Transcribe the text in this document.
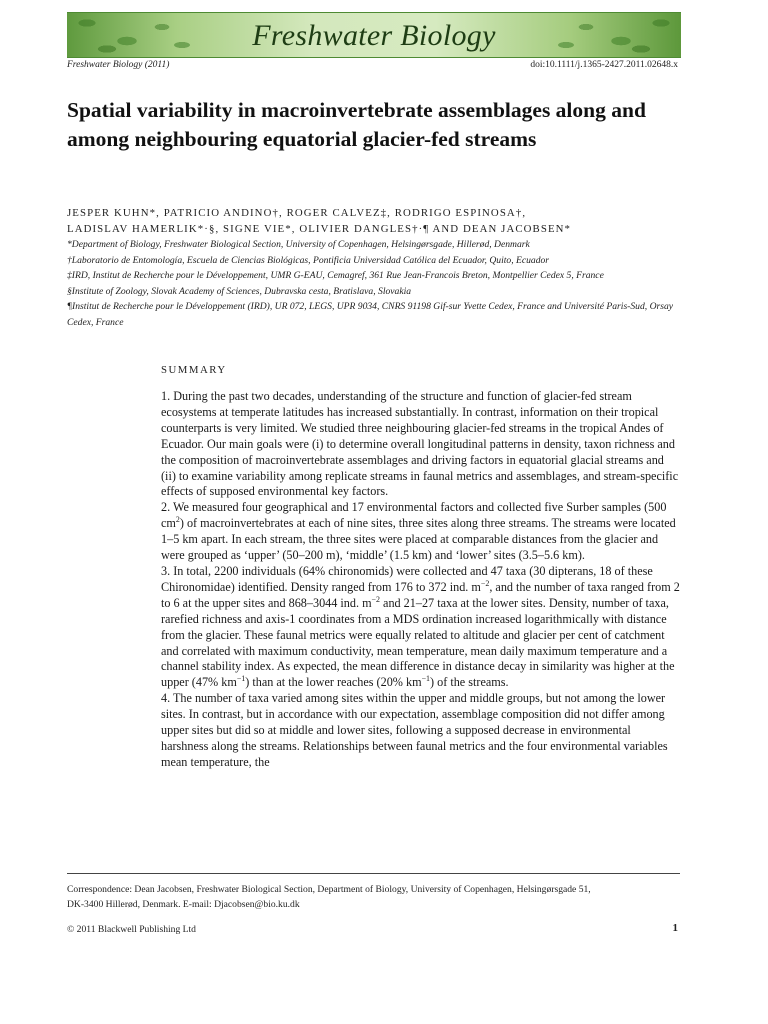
Freshwater Biology
Freshwater Biology (2011)	doi:10.1111/j.1365-2427.2011.02648.x
Spatial variability in macroinvertebrate assemblages along and among neighbouring equatorial glacier-fed streams
JESPER KUHN*, PATRICIO ANDINO†, ROGER CALVEZ‡, RODRIGO ESPINOSA†,
LADISLAV HAMERLIK*·§, SIGNE VIE*, OLIVIER DANGLES†·¶ AND DEAN JACOBSEN*

*Department of Biology, Freshwater Biological Section, University of Copenhagen, Helsingørsgade, Hillerød, Denmark

†Laboratorio de Entomología, Escuela de Ciencias Biológicas, Pontificia Universidad Católica del Ecuador, Quito, Ecuador

‡IRD, Institut de Recherche pour le Développement, UMR G-EAU, Cemagref, 361 Rue Jean-Francois Breton, Montpellier Cedex 5, France

§Institute of Zoology, Slovak Academy of Sciences, Dubravska cesta, Bratislava, Slovakia

¶Institut de Recherche pour le Développement (IRD), UR 072, LEGS, UPR 9034, CNRS 91198 Gif-sur Yvette Cedex, France and Université Paris-Sud, Orsay Cedex, France

SUMMARY

1. During the past two decades, understanding of the structure and function of glacier-fed stream ecosystems at temperate latitudes has increased substantially. In contrast, information on their tropical counterparts is very limited. We studied three neighbouring glacier-fed streams in the tropical Andes of Ecuador. Our main goals were (i) to determine overall longitudinal patterns in density, taxon richness and the composition of macroinvertebrate assemblages and driving factors in equatorial glacial streams and (ii) to examine variability among replicate streams in faunal metrics and assemblages, and stream-specific effects of supposed environmental key factors.

2. We measured four geographical and 17 environmental factors and collected five Surber samples (500 $cm^2$) of macroinvertebrates at each of nine sites, three sites along three streams. The streams were located 1–5 km apart. In each stream, the three sites were placed at comparable distances from the glacier and were grouped as ‘upper’ (50–200 m), ‘middle’ (1.5 km) and ‘lower’ sites (3.5–5.6 km).

3. In total, 2200 individuals (64% chironomids) were collected and 47 taxa (30 dipterans, 18 of these Chironomidae) identified. Density ranged from 176 to 372 ind. $m^{-2}$, and the number of taxa ranged from 2 to 6 at the upper sites and 868–3044 ind. $m^{-2}$ and 21–27 taxa at the lower sites. Density, number of taxa, rarefied richness and axis-1 coordinates from a MDS ordination increased logarithmically with distance from the glacier. These faunal metrics were equally related to altitude and glacier per cent of catchment and correlated with maximum conductivity, mean temperature, mean daily maximum temperature and a channel stability index. As expected, the mean difference in distance decay in similarity was higher at the upper (47% $km^{-1}$) than at the lower reaches (20% $km^{-1}$) of the streams.

4. The number of taxa varied among sites within the upper and middle groups, but not among the lower sites. In contrast, but in accordance with our expectation, assemblage composition did not differ among upper sites but did so at middle and lower sites, following a supposed decrease in environmental harshness along the streams. Relationships between faunal metrics and the four environmental variables mean temperature, the

Correspondence: Dean Jacobsen, Freshwater Biological Section, Department of Biology, University of Copenhagen, Helsingørsgade 51,
DK-3400 Hillerød, Denmark. E-mail: Djacobsen@bio.ku.dk
© 2011 Blackwell Publishing Ltd	1
